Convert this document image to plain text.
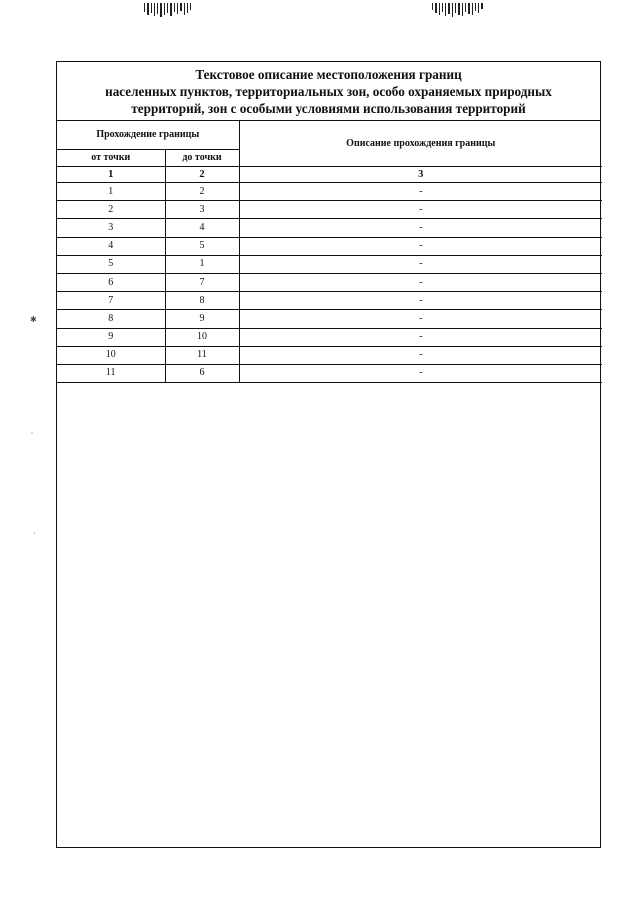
✱
ᵕ
·
Текстовое описание местоположения границ
населенных пунктов, территориальных зон, особо охраняемых природных
территорий, зон с особыми условиями использования территорий
Прохождение границы		Описание прохождения границы
от точки	до точки	
1	2	3
1	2	-
2	3	-
3	4	-
4	5	-
5	1	-
6	7	-
7	8	-
8	9	-
9	10	-
10	11	-
11	6	-
